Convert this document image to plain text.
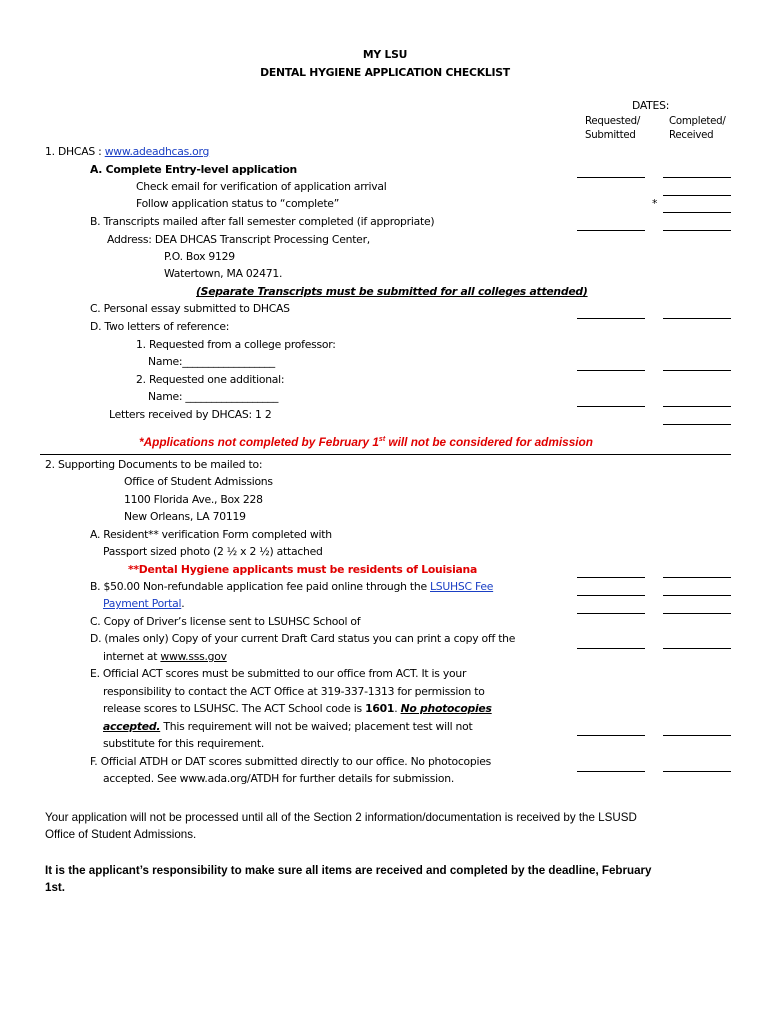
MY LSU
DENTAL HYGIENE APPLICATION CHECKLIST
DATES:
Requested/
Submitted
Completed/
Received
1. DHCAS : www.adeadhcas.org
A. Complete Entry-level application
Check email for verification of application arrival
Follow application status to “complete”	*
B. Transcripts mailed after fall semester completed (if appropriate)
Address: DEA DHCAS Transcript Processing Center,
P.O. Box 9129
Watertown, MA 02471.
(Separate Transcripts must be submitted for all colleges attended)
C. Personal essay submitted to DHCAS
D. Two letters of reference:
1. Requested from a college professor:
Name:__________________
2. Requested one additional:
Name: __________________
Letters received by DHCAS: 1 2
*Applications not completed by February 1st will not be considered for admission
2. Supporting Documents to be mailed to:
Office of Student Admissions
1100 Florida Ave., Box 228
New Orleans, LA 70119
A. Resident** verification Form completed with
Passport sized photo (2 ½ x 2 ½) attached
**Dental Hygiene applicants must be residents of Louisiana
B. $50.00 Non-refundable application fee paid online through the LSUHSC Fee
Payment Portal.
C. Copy of Driver’s license sent to LSUHSC School of
D. (males only) Copy of your current Draft Card status you can print a copy off the
internet at www.sss.gov
E. Official ACT scores must be submitted to our office from ACT. It is your
responsibility to contact the ACT Office at 319-337-1313 for permission to
release scores to LSUHSC. The ACT School code is 1601. No photocopies
accepted. This requirement will not be waived; placement test will not
substitute for this requirement.
F. Official ATDH or DAT scores submitted directly to our office. No photocopies
accepted. See www.ada.org/ATDH for further details for submission.
Your application will not be processed until all of the Section 2 information/documentation is received by the LSUSD
Office of Student Admissions.
It is the applicant’s responsibility to make sure all items are received and completed by the deadline, February
1st.
